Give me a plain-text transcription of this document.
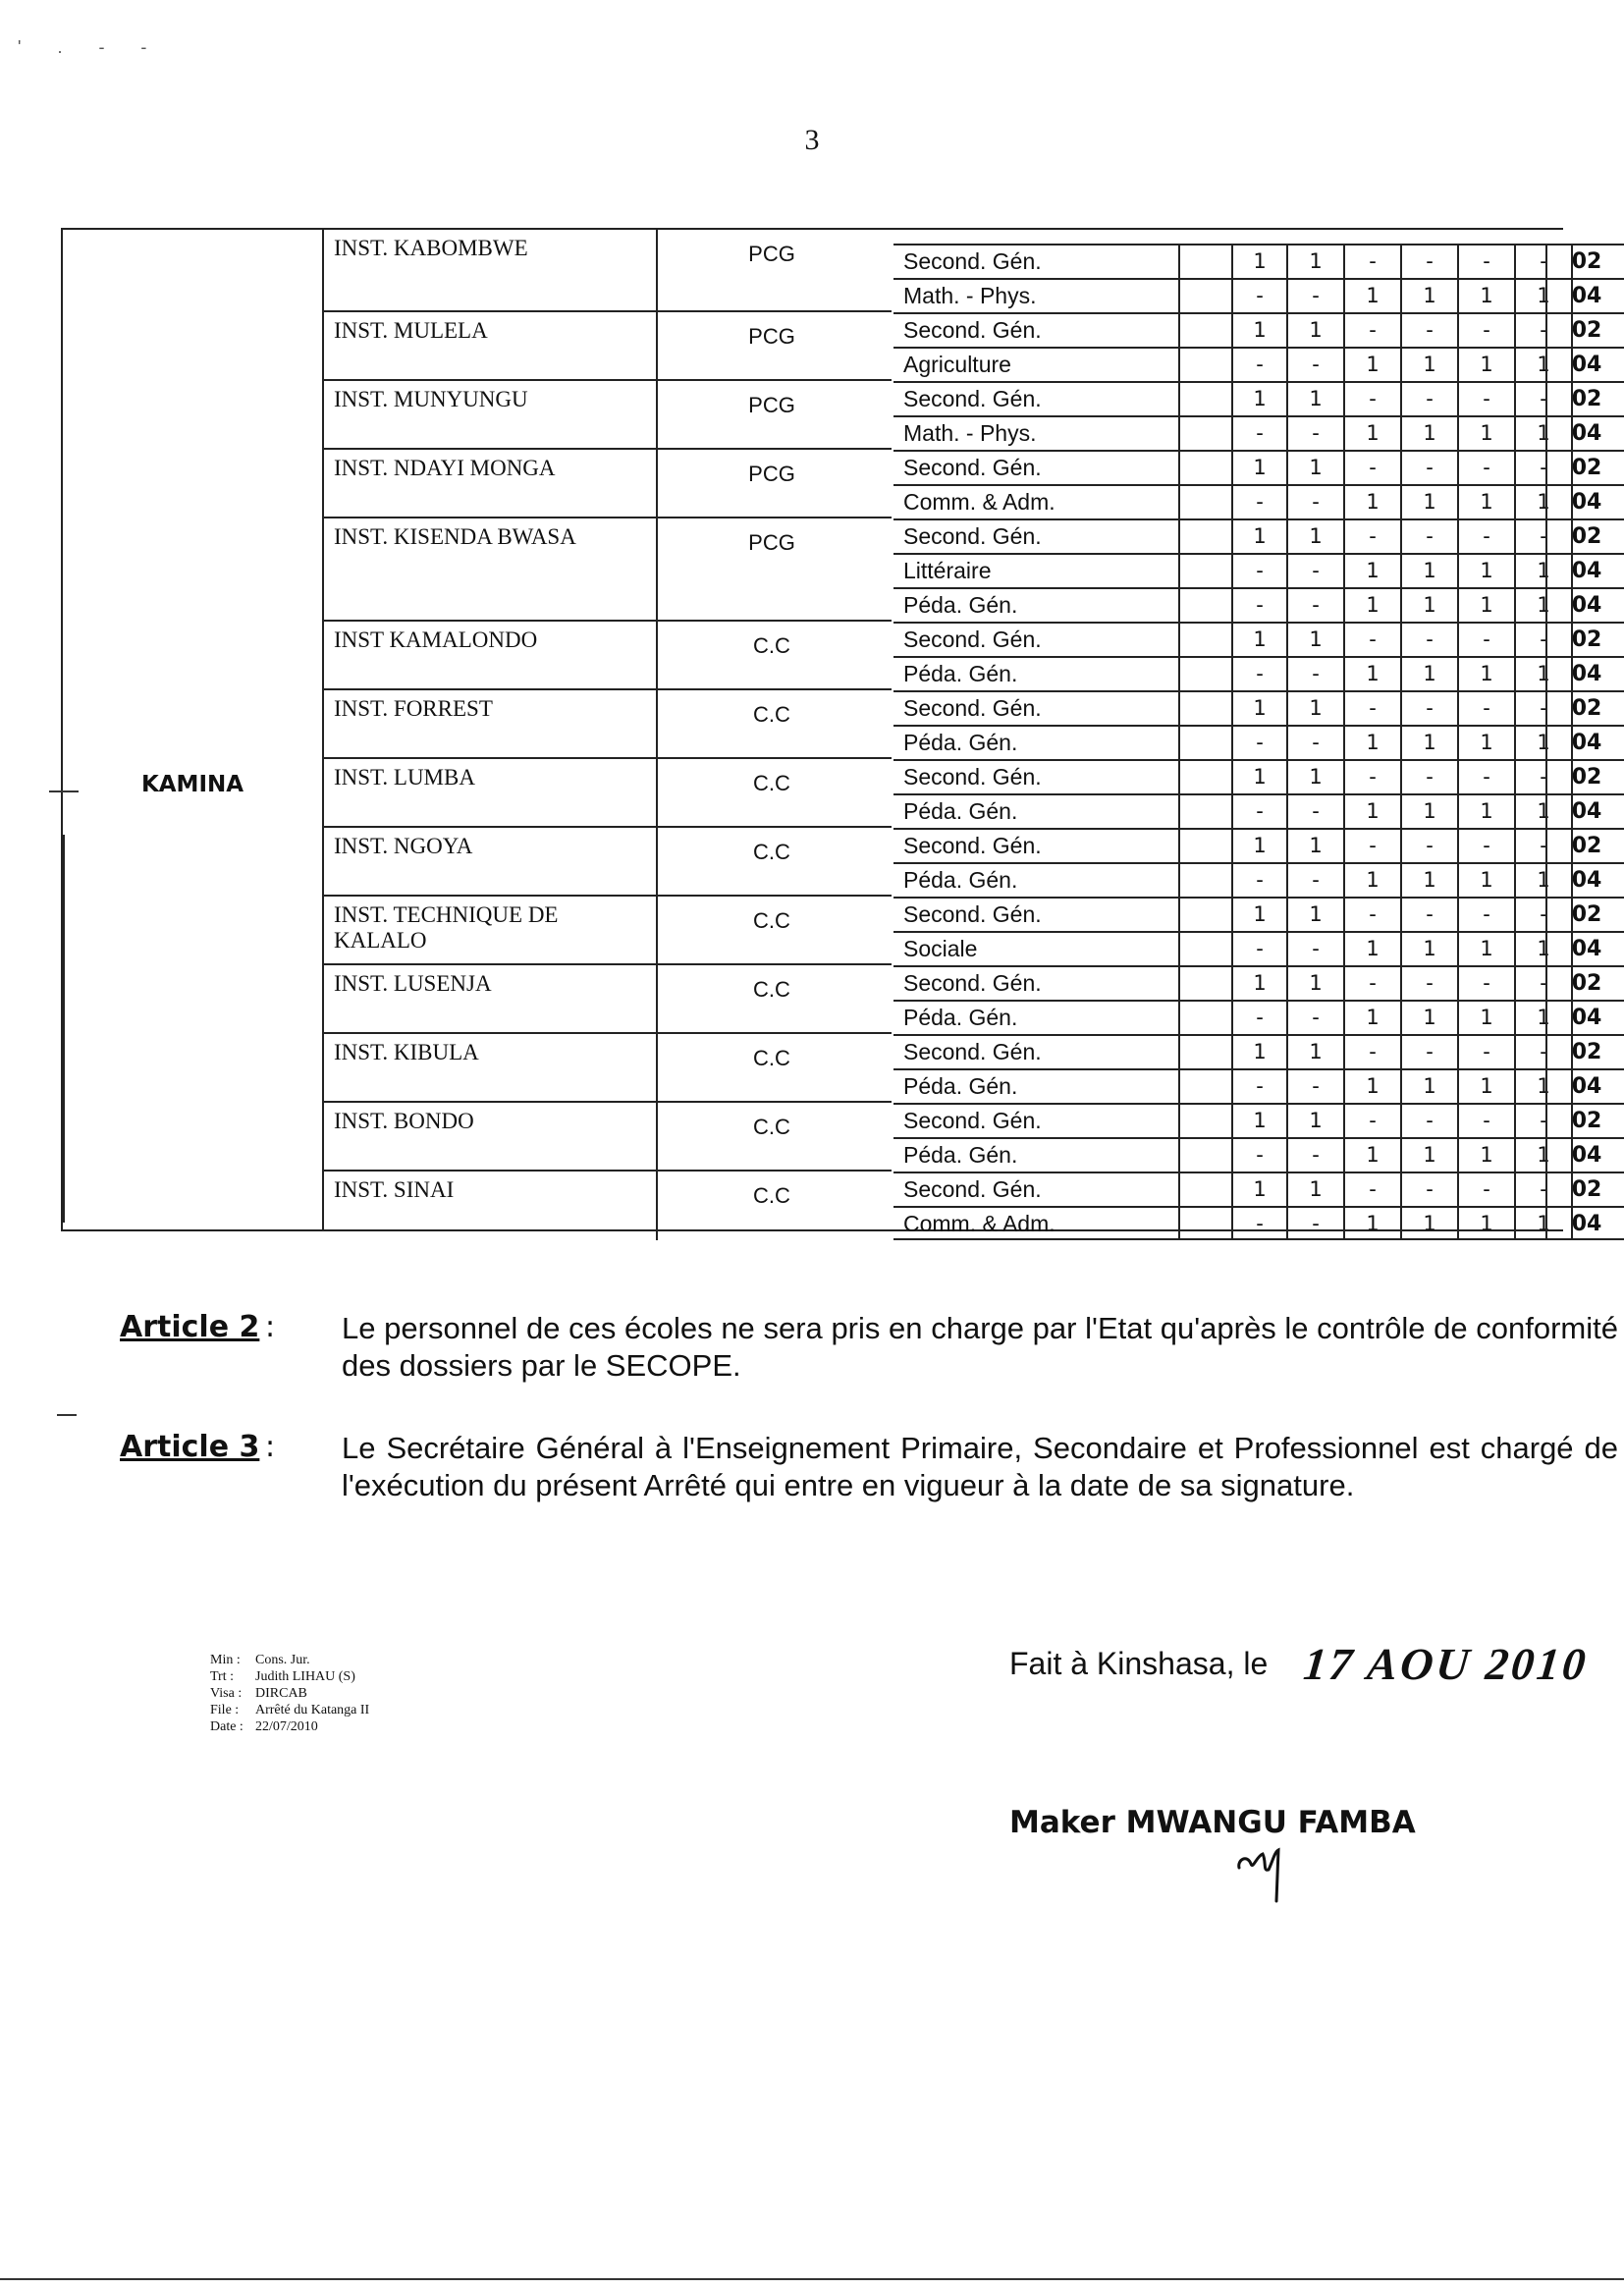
' . - -
3
KAMINA
INST. KABOMBWE	PCG	Second. Gén.	1	1	-	-	-	-	02
Math. - Phys.	-	-	1	1	1	1	04
INST. MULELA	PCG	Second. Gén.	1	1	-	-	-	-	02
Agriculture	-	-	1	1	1	1	04
INST. MUNYUNGU	PCG	Second. Gén.	1	1	-	-	-	-	02
Math. - Phys.	-	-	1	1	1	1	04
INST. NDAYI MONGA	PCG	Second. Gén.	1	1	-	-	-	-	02
Comm. & Adm.	-	-	1	1	1	1	04
INST. KISENDA BWASA	PCG	Second. Gén.	1	1	-	-	-	-	02
Littéraire	-	-	1	1	1	1	04
Péda. Gén.	-	-	1	1	1	1	04
INST KAMALONDO	C.C	Second. Gén.	1	1	-	-	-	-	02
Péda. Gén.	-	-	1	1	1	1	04
INST. FORREST	C.C	Second. Gén.	1	1	-	-	-	-	02
Péda. Gén.	-	-	1	1	1	1	04
INST. LUMBA	C.C	Second. Gén.	1	1	-	-	-	-	02
Péda. Gén.	-	-	1	1	1	1	04
INST. NGOYA	C.C	Second. Gén.	1	1	-	-	-	-	02
Péda. Gén.	-	-	1	1	1	1	04
INST. TECHNIQUE DE KALALO
C.C	Second. Gén.	1	1	-	-	-	-	02
Sociale	-	-	1	1	1	1	04
INST. LUSENJA	C.C	Second. Gén.	1	1	-	-	-	-	02
Péda. Gén.	-	-	1	1	1	1	04
INST. KIBULA	C.C	Second. Gén.	1	1	-	-	-	-	02
Péda. Gén.	-	-	1	1	1	1	04
INST. BONDO	C.C	Second. Gén.	1	1	-	-	-	-	02
Péda. Gén.	-	-	1	1	1	1	04
INST. SINAI	C.C	Second. Gén.	1	1	-	-	-	-	02
Comm. & Adm.	-	-	1	1	1	1	04
Article 2 : Le personnel de ces écoles ne sera pris en charge par l'Etat qu'après le contrôle de conformité des dossiers par le SECOPE.
Article 3 : Le Secrétaire Général à l'Enseignement Primaire, Secondaire et Professionnel est chargé de l'exécution du présent Arrêté qui entre en vigueur à la date de sa signature.
Min : Cons. Jur.
Trt : Judith LIHAU (S)
Visa : DIRCAB
File : Arrêté du Katanga II
Date : 22/07/2010
Fait à Kinshasa, le 17 AOU 2010
Maker MWANGU FAMBA
